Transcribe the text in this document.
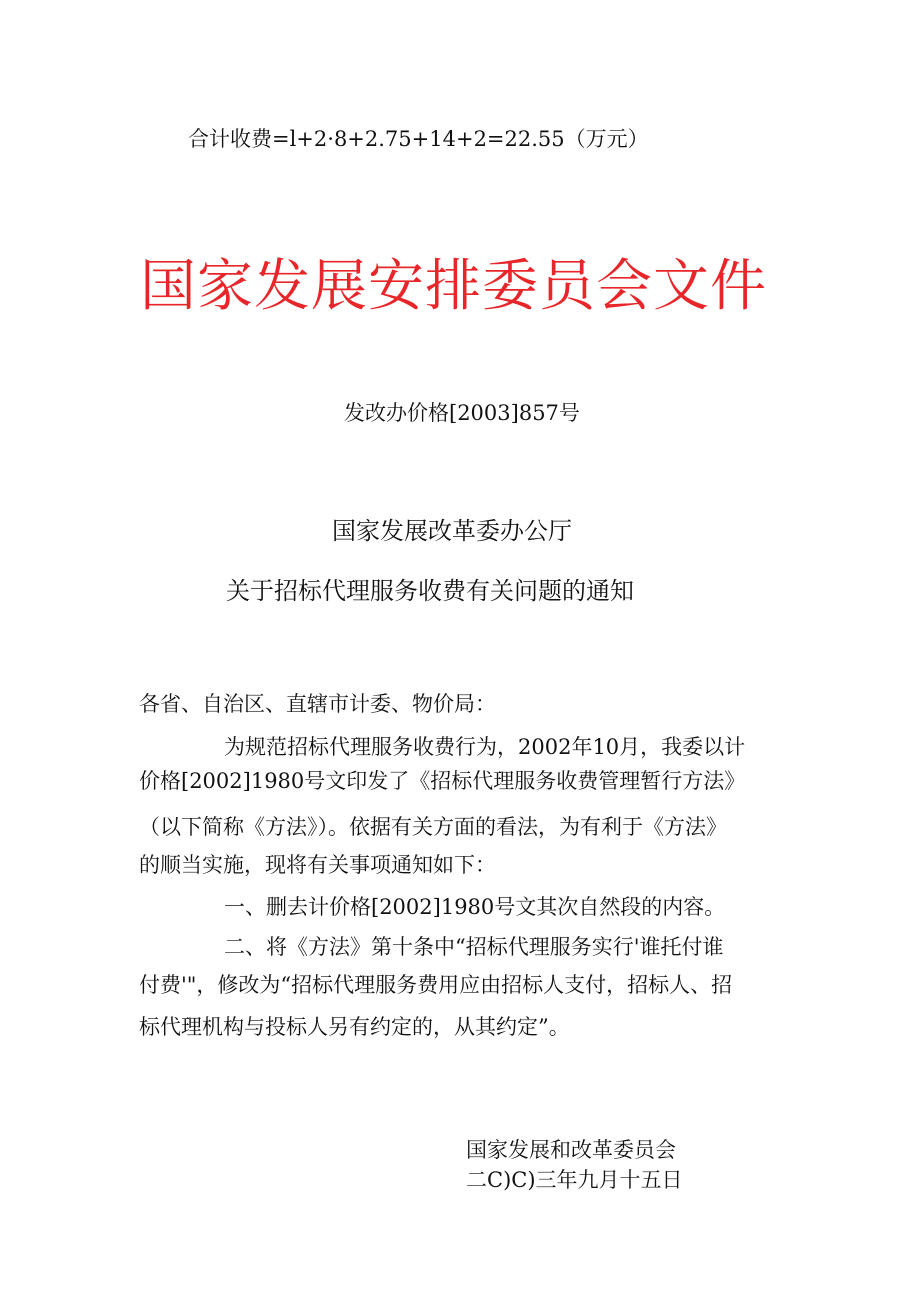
合计收费=l+2·8+2.75+14+2=22.55（万元）
国家发展安排委员会文件
发改办价格[2003]857号
国家发展改革委办公厅
关于招标代理服务收费有关问题的通知
各省、自治区、直辖市计委、物价局：
为规范招标代理服务收费行为，2002年10月，我委以计
价格[2002]1980号文印发了《招标代理服务收费管理暂行方法》
（以下简称《方法》）。依据有关方面的看法，为有利于《方法》
的顺当实施，现将有关事项通知如下：
一、删去计价格[2002]1980号文其次自然段的内容。
二、将《方法》第十条中“招标代理服务实行'谁托付谁
付费'"，修改为“招标代理服务费用应由招标人支付，招标人、招
标代理机构与投标人另有约定的，从其约定”。
国家发展和改革委员会
二C)C)三年九月十五日
